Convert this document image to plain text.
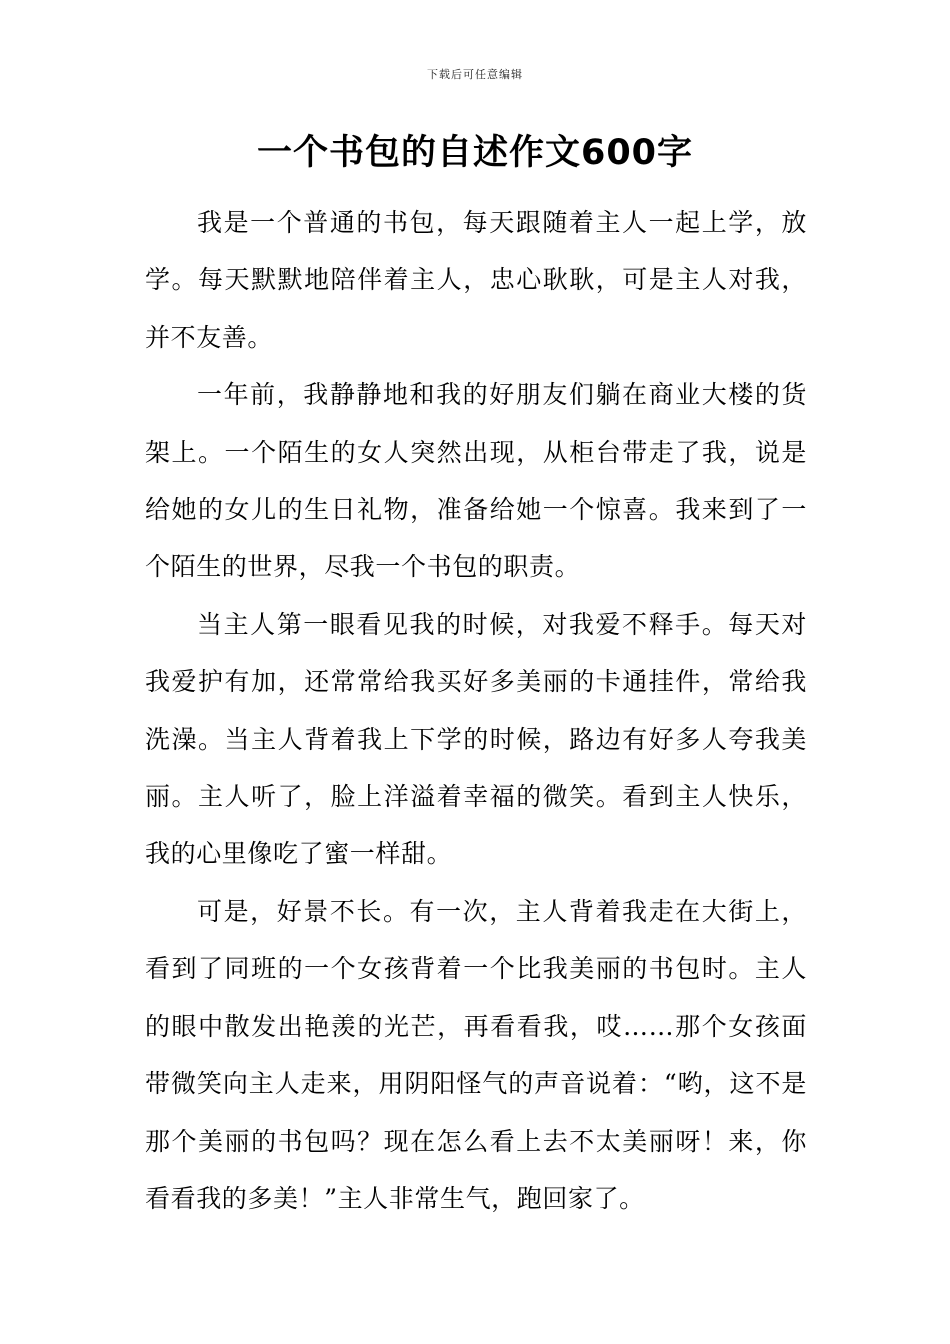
下载后可任意编辑
一个书包的自述作文600字

我是一个普通的书包，每天跟随着主人一起上学，放学。每天默默地陪伴着主人，忠心耿耿，可是主人对我，并不友善。

一年前，我静静地和我的好朋友们躺在商业大楼的货架上。一个陌生的女人突然出现，从柜台带走了我，说是给她的女儿的生日礼物，准备给她一个惊喜。我来到了一个陌生的世界，尽我一个书包的职责。

当主人第一眼看见我的时候，对我爱不释手。每天对我爱护有加，还常常给我买好多美丽的卡通挂件，常给我洗澡。当主人背着我上下学的时候，路边有好多人夸我美丽。主人听了，脸上洋溢着幸福的微笑。看到主人快乐，我的心里像吃了蜜一样甜。

可是，好景不长。有一次，主人背着我走在大街上，看到了同班的一个女孩背着一个比我美丽的书包时。主人的眼中散发出艳羡的光芒，再看看我，哎……那个女孩面带微笑向主人走来，用阴阳怪气的声音说着：“哟，这不是那个美丽的书包吗？现在怎么看上去不太美丽呀！来，你看看我的多美！”主人非常生气，跑回家了。
